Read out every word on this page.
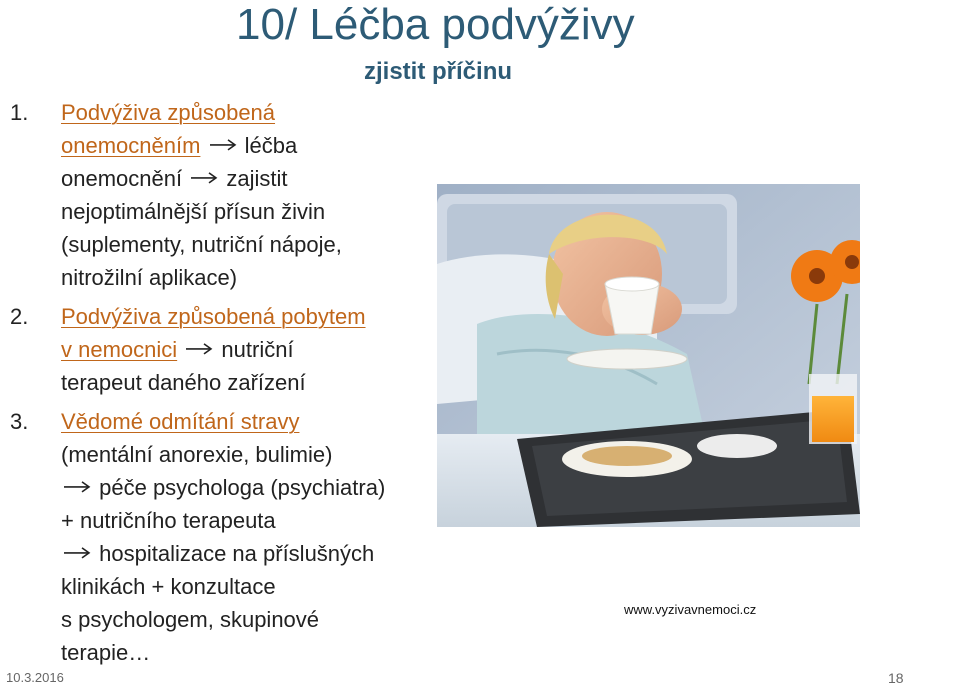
10/ Léčba podvýživy
zjistit příčinu
1. Podvýživa způsobená
onemocněním léčba
onemocnění zajistit
nejoptimálnější přísun živin
(suplementy, nutriční nápoje,
nitrožilní aplikace)
2. Podvýživa způsobená pobytem
v nemocnici nutriční
terapeut daného zařízení
3. Vědomé odmítání stravy
(mentální anorexie, bulimie)
péče psychologa (psychiatra)
+ nutričního terapeuta
hospitalizace na příslušných
klinikách + konzultace
s psychologem, skupinové
terapie…
www.vyzivavnemoci.cz
10.3.2016	18
